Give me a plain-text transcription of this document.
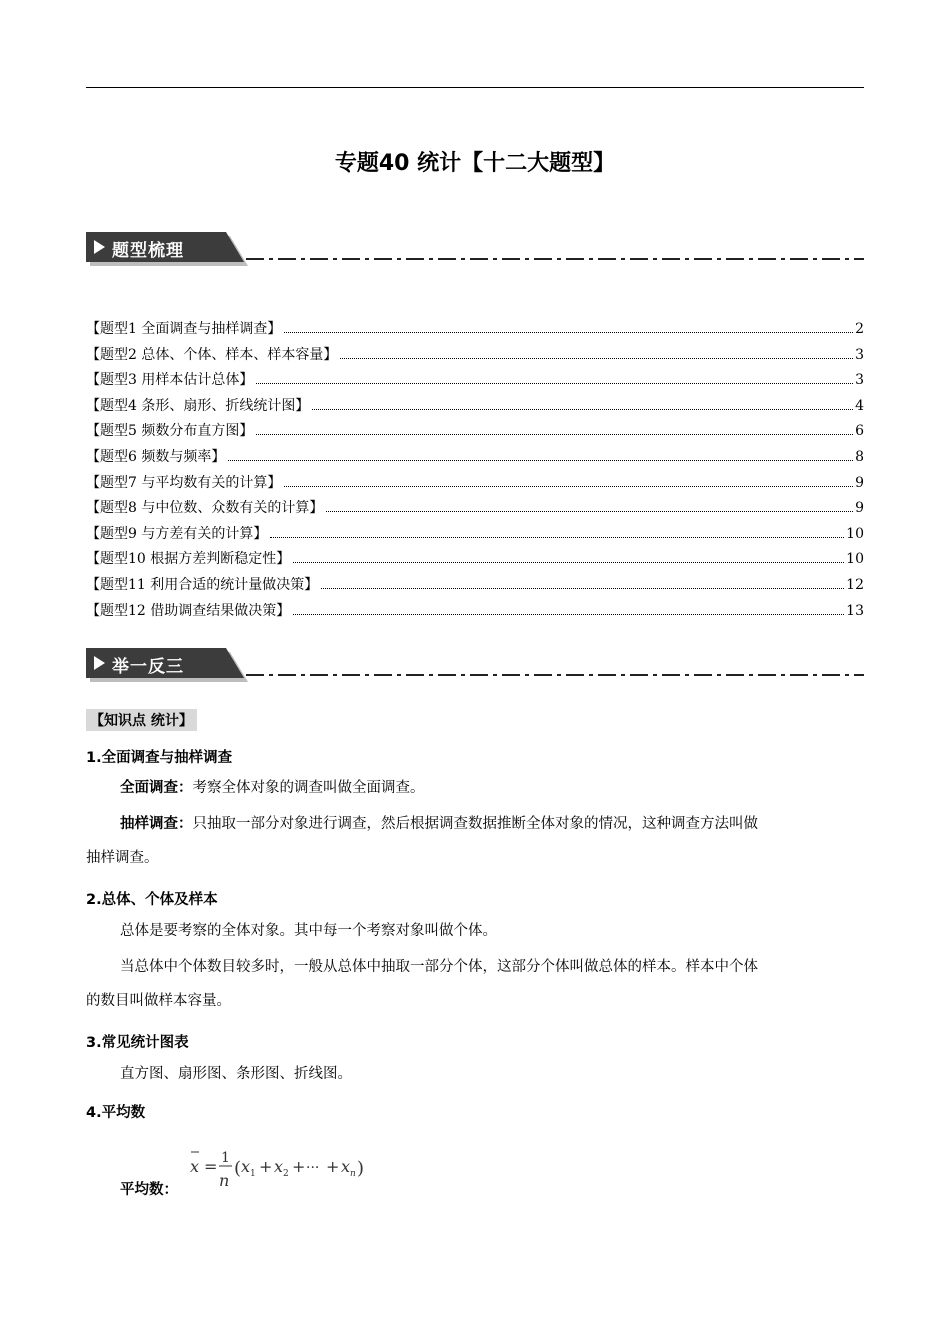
专题40 统计【十二大题型】
题型梳理
【题型1 全面调查与抽样调查】	2
【题型2 总体、个体、样本、样本容量】	3
【题型3 用样本估计总体】	3
【题型4 条形、扇形、折线统计图】	4
【题型5 频数分布直方图】	6
【题型6 频数与频率】	8
【题型7 与平均数有关的计算】	9
【题型8 与中位数、众数有关的计算】	9
【题型9 与方差有关的计算】	10
【题型10 根据方差判断稳定性】	10
【题型11 利用合适的统计量做决策】	12
【题型12 借助调查结果做决策】	13
举一反三
【知识点 统计】
1.全面调查与抽样调查
全面调查：考察全体对象的调查叫做全面调查。
抽样调查：只抽取一部分对象进行调查，然后根据调查数据推断全体对象的情况，这种调查方法叫做
抽样调查。
2.总体、个体及样本
总体是要考察的全体对象。其中每一个考察对象叫做个体。
当总体中个体数目较多时，一般从总体中抽取一部分个体，这部分个体叫做总体的样本。样本中个体
的数目叫做样本容量。
3.常见统计图表
直方图、扇形图、条形图、折线图。
4.平均数
平均数：
x = 1
n
( x 1 + x 2 + ··· + x n )
